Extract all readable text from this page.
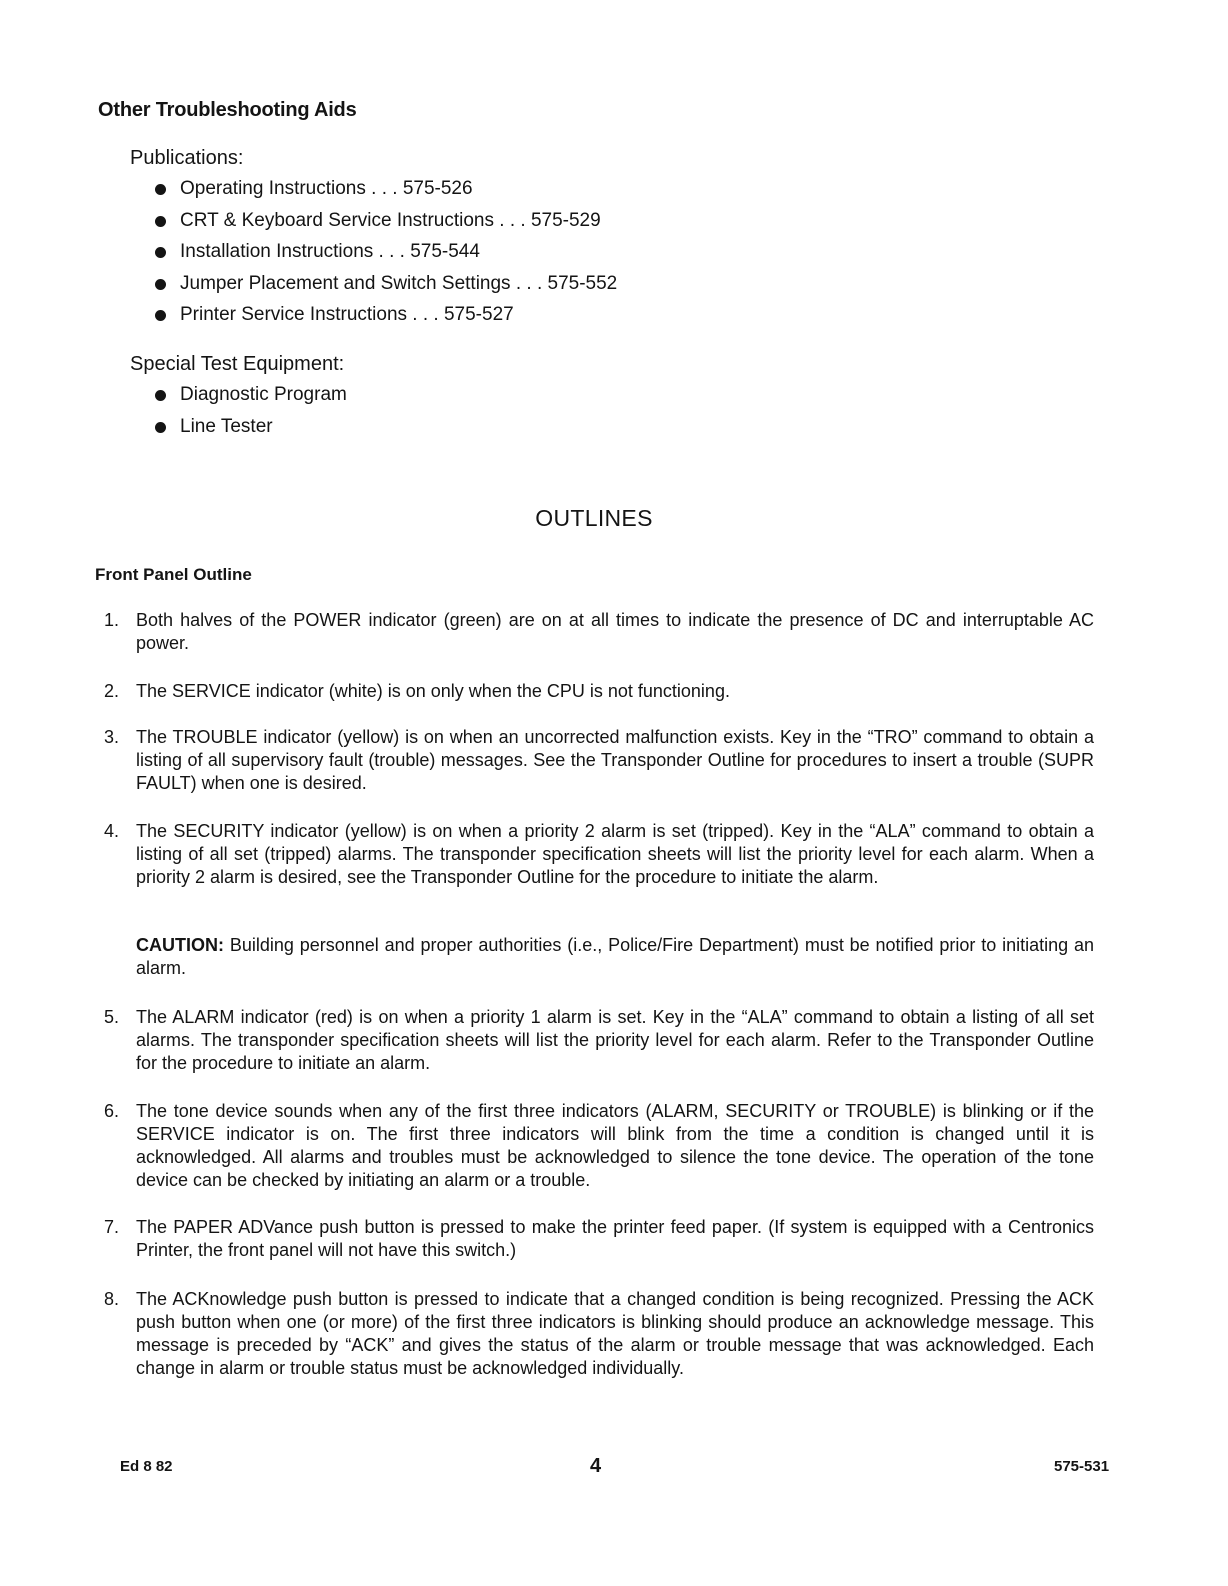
Other Troubleshooting Aids

Publications:

Operating Instructions . . . 575-526
CRT & Keyboard Service Instructions . . . 575-529
Installation Instructions . . . 575-544
Jumper Placement and Switch Settings . . . 575-552
Printer Service Instructions . . . 575-527

Special Test Equipment:

Diagnostic Program
Line Tester
OUTLINES
Front Panel Outline
1. Both halves of the POWER indicator (green) are on at all times to indicate the presence of DC and interruptable AC power.
2. The SERVICE indicator (white) is on only when the CPU is not functioning.
3. The TROUBLE indicator (yellow) is on when an uncorrected malfunction exists. Key in the “TRO” command to obtain a listing of all supervisory fault (trouble) messages. See the Transponder Outline for procedures to insert a trouble (SUPR FAULT) when one is desired.
4. The SECURITY indicator (yellow) is on when a priority 2 alarm is set (tripped). Key in the “ALA” command to obtain a listing of all set (tripped) alarms. The transponder specification sheets will list the priority level for each alarm. When a priority 2 alarm is desired, see the Transponder Outline for the procedure to initiate the alarm.
CAUTION: Building personnel and proper authorities (i.e., Police/Fire Department) must be notified prior to initiating an alarm.
5. The ALARM indicator (red) is on when a priority 1 alarm is set. Key in the “ALA” command to obtain a listing of all set alarms. The transponder specification sheets will list the priority level for each alarm. Refer to the Transponder Outline for the procedure to initiate an alarm.
6. The tone device sounds when any of the first three indicators (ALARM, SECURITY or TROUBLE) is blinking or if the SERVICE indicator is on. The first three indicators will blink from the time a condition is changed until it is acknowledged. All alarms and troubles must be acknowledged to silence the tone device. The operation of the tone device can be checked by initiating an alarm or a trouble.
7. The PAPER ADVance push button is pressed to make the printer feed paper. (If system is equipped with a Centronics Printer, the front panel will not have this switch.)
8. The ACKnowledge push button is pressed to indicate that a changed condition is being recognized. Pressing the ACK push button when one (or more) of the first three indicators is blinking should produce an acknowledge message. This message is preceded by “ACK” and gives the status of the alarm or trouble message that was acknowledged. Each change in alarm or trouble status must be acknowledged individually.

Ed 8 82	4	575-531
